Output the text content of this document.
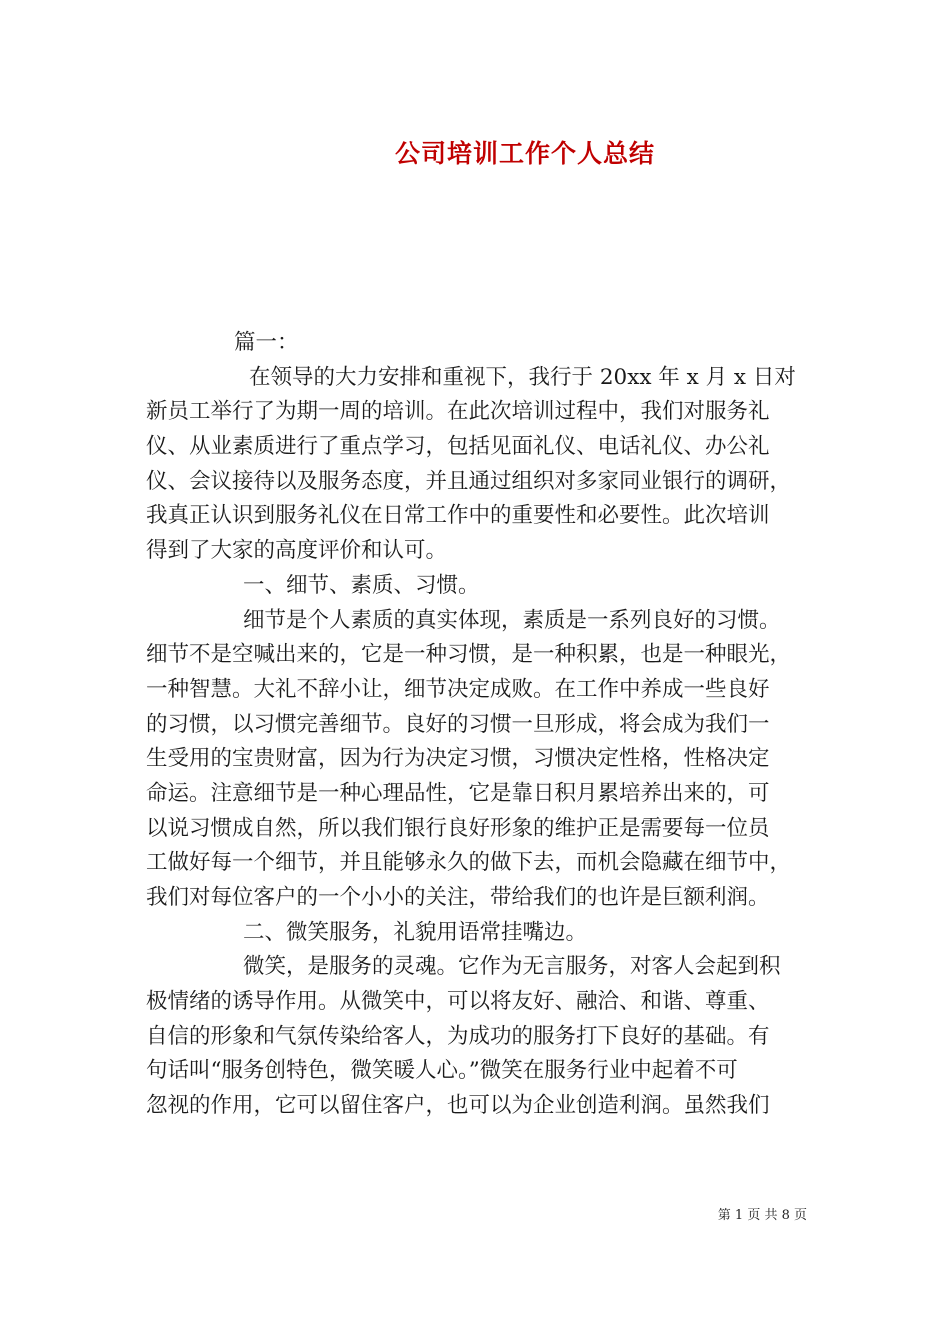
公司培训工作个人总结
篇一：
在领导的大力安排和重视下，我行于 20xx 年 x 月 x 日对
新员工举行了为期一周的培训。在此次培训过程中，我们对服务礼
仪、从业素质进行了重点学习，包括见面礼仪、电话礼仪、办公礼
仪、会议接待以及服务态度，并且通过组织对多家同业银行的调研，
我真正认识到服务礼仪在日常工作中的重要性和必要性。此次培训
得到了大家的高度评价和认可。
一、细节、素质、习惯。
细节是个人素质的真实体现，素质是一系列良好的习惯。
细节不是空喊出来的，它是一种习惯，是一种积累，也是一种眼光，
一种智慧。大礼不辞小让，细节决定成败。在工作中养成一些良好
的习惯，以习惯完善细节。良好的习惯一旦形成，将会成为我们一
生受用的宝贵财富，因为行为决定习惯，习惯决定性格，性格决定
命运。注意细节是一种心理品性，它是靠日积月累培养出来的，可
以说习惯成自然，所以我们银行良好形象的维护正是需要每一位员
工做好每一个细节，并且能够永久的做下去，而机会隐藏在细节中，
我们对每位客户的一个小小的关注，带给我们的也许是巨额利润。
二、微笑服务，礼貌用语常挂嘴边。
微笑，是服务的灵魂。它作为无言服务，对客人会起到积
极情绪的诱导作用。从微笑中，可以将友好、融洽、和谐、尊重、
自信的形象和气氛传染给客人，为成功的服务打下良好的基础。有
句话叫“服务创特色，微笑暖人心。”微笑在服务行业中起着不可
忽视的作用，它可以留住客户，也可以为企业创造利润。虽然我们
第 1 页 共 8 页
